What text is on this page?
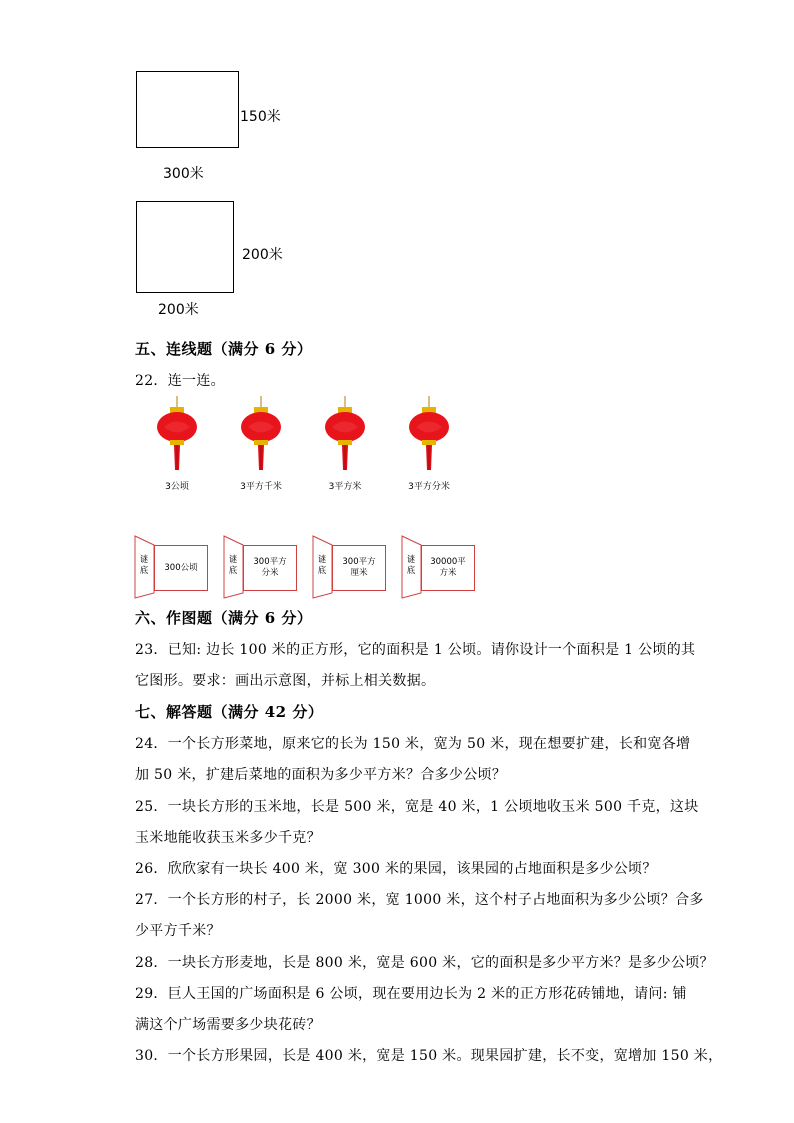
150米
300米
200米
200米
五、连线题（满分 6 分）
22．连一连。
3公顷	3平方千米	3平方米	3平方分米
谜底 300公顷
谜底
300平方
分米
谜底
300平方
厘米
谜底
30000平
方米
六、作图题（满分 6 分）
23．已知: 边长 100 米的正方形，它的面积是 1 公顷。请你设计一个面积是 1 公顷的其
它图形。要求：画出示意图，并标上相关数据。
七、解答题（满分 42 分）
24．一个长方形菜地，原来它的长为 150 米，宽为 50 米，现在想要扩建，长和宽各增
加 50 米，扩建后菜地的面积为多少平方米？合多少公顷？
25．一块长方形的玉米地，长是 500 米，宽是 40 米，1 公顷地收玉米 500 千克，这块
玉米地能收获玉米多少千克？
26．欣欣家有一块长 400 米，宽 300 米的果园，该果园的占地面积是多少公顷？
27．一个长方形的村子，长 2000 米，宽 1000 米，这个村子占地面积为多少公顷？合多
少平方千米？
28．一块长方形麦地，长是 800 米，宽是 600 米，它的面积是多少平方米？是多少公顷？
29．巨人王国的广场面积是 6 公顷，现在要用边长为 2 米的正方形花砖铺地，请问: 铺
满这个广场需要多少块花砖？
30．一个长方形果园，长是 400 米，宽是 150 米。现果园扩建，长不变，宽增加 150 米，
